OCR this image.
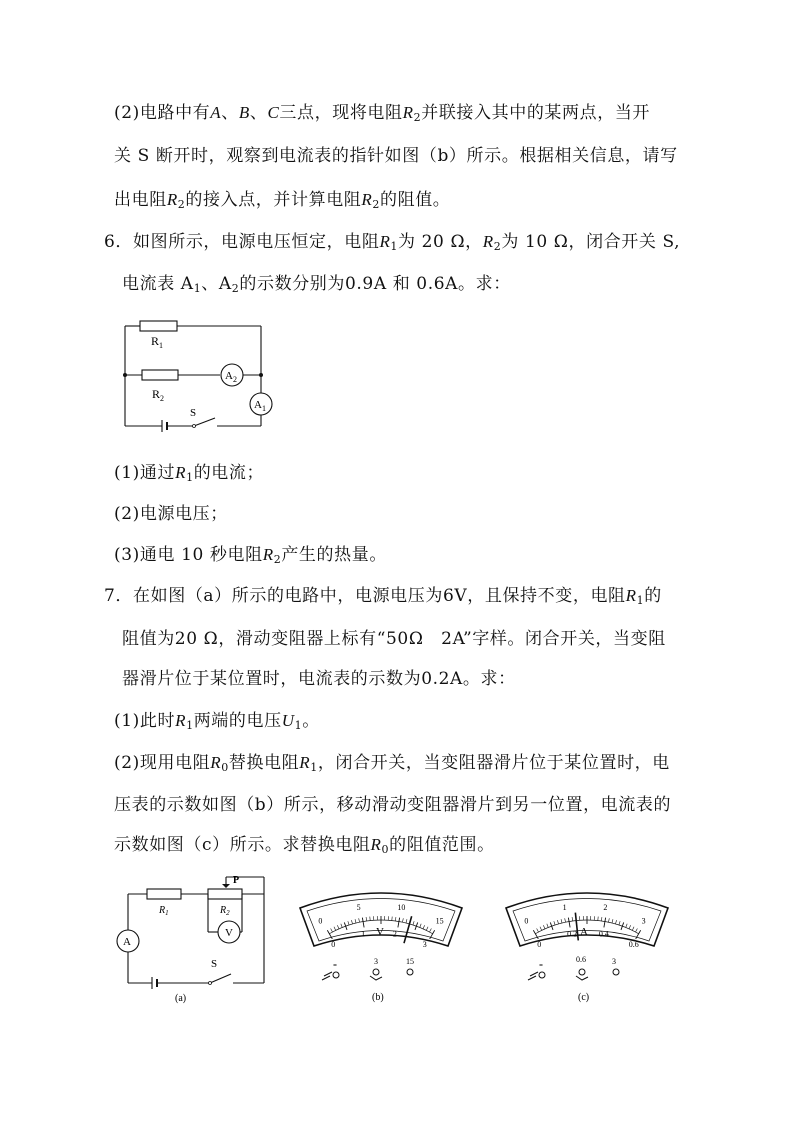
(2)电路中有A、B、C三点，现将电阻$R_2$并联接入其中的某两点，当开
关 S 断开时，观察到电流表的指针如图（b）所示。根据相关信息，请写
出电阻$R_2$的接入点，并计算电阻$R_2$的阻值。
6．如图所示，电源电压恒定，电阻$R_1$为 20 Ω，$R_2$为 10 Ω，闭合开关 S,
电流表 $A_1$、$A_2$的示数分别为0.9A 和 0.6A。求：
$R_1$
$R_2$
$A_2$
$A_1$
S
(1)通过$R_1$的电流；
(2)电源电压；
(3)通电 10 秒电阻$R_2$产生的热量。
7．在如图（a）所示的电路中，电源电压为6V，且保持不变，电阻$R_1$的
阻值为20 Ω，滑动变阻器上标有“50Ω　2A”字样。闭合开关，当变阻
器滑片位于某位置时，电流表的示数为0.2A。求：
(1)此时$R_1$两端的电压$U_1$。
(2)现用电阻$R_0$替换电阻$R_1$，闭合开关，当变阻器滑片位于某位置时，电
压表的示数如图（b）所示，移动滑动变阻器滑片到另一位置，电流表的
示数如图（c）所示。求替换电阻$R_0$的阻值范围。
$R_1$	$R_2$
P
V
A
S
(a)
0
5	10
15
0
1	2
3
V
-	3	15
(b)
0
1	2
3
0
0.2	0.4
0.6
A
-	0.6	3
(c)
